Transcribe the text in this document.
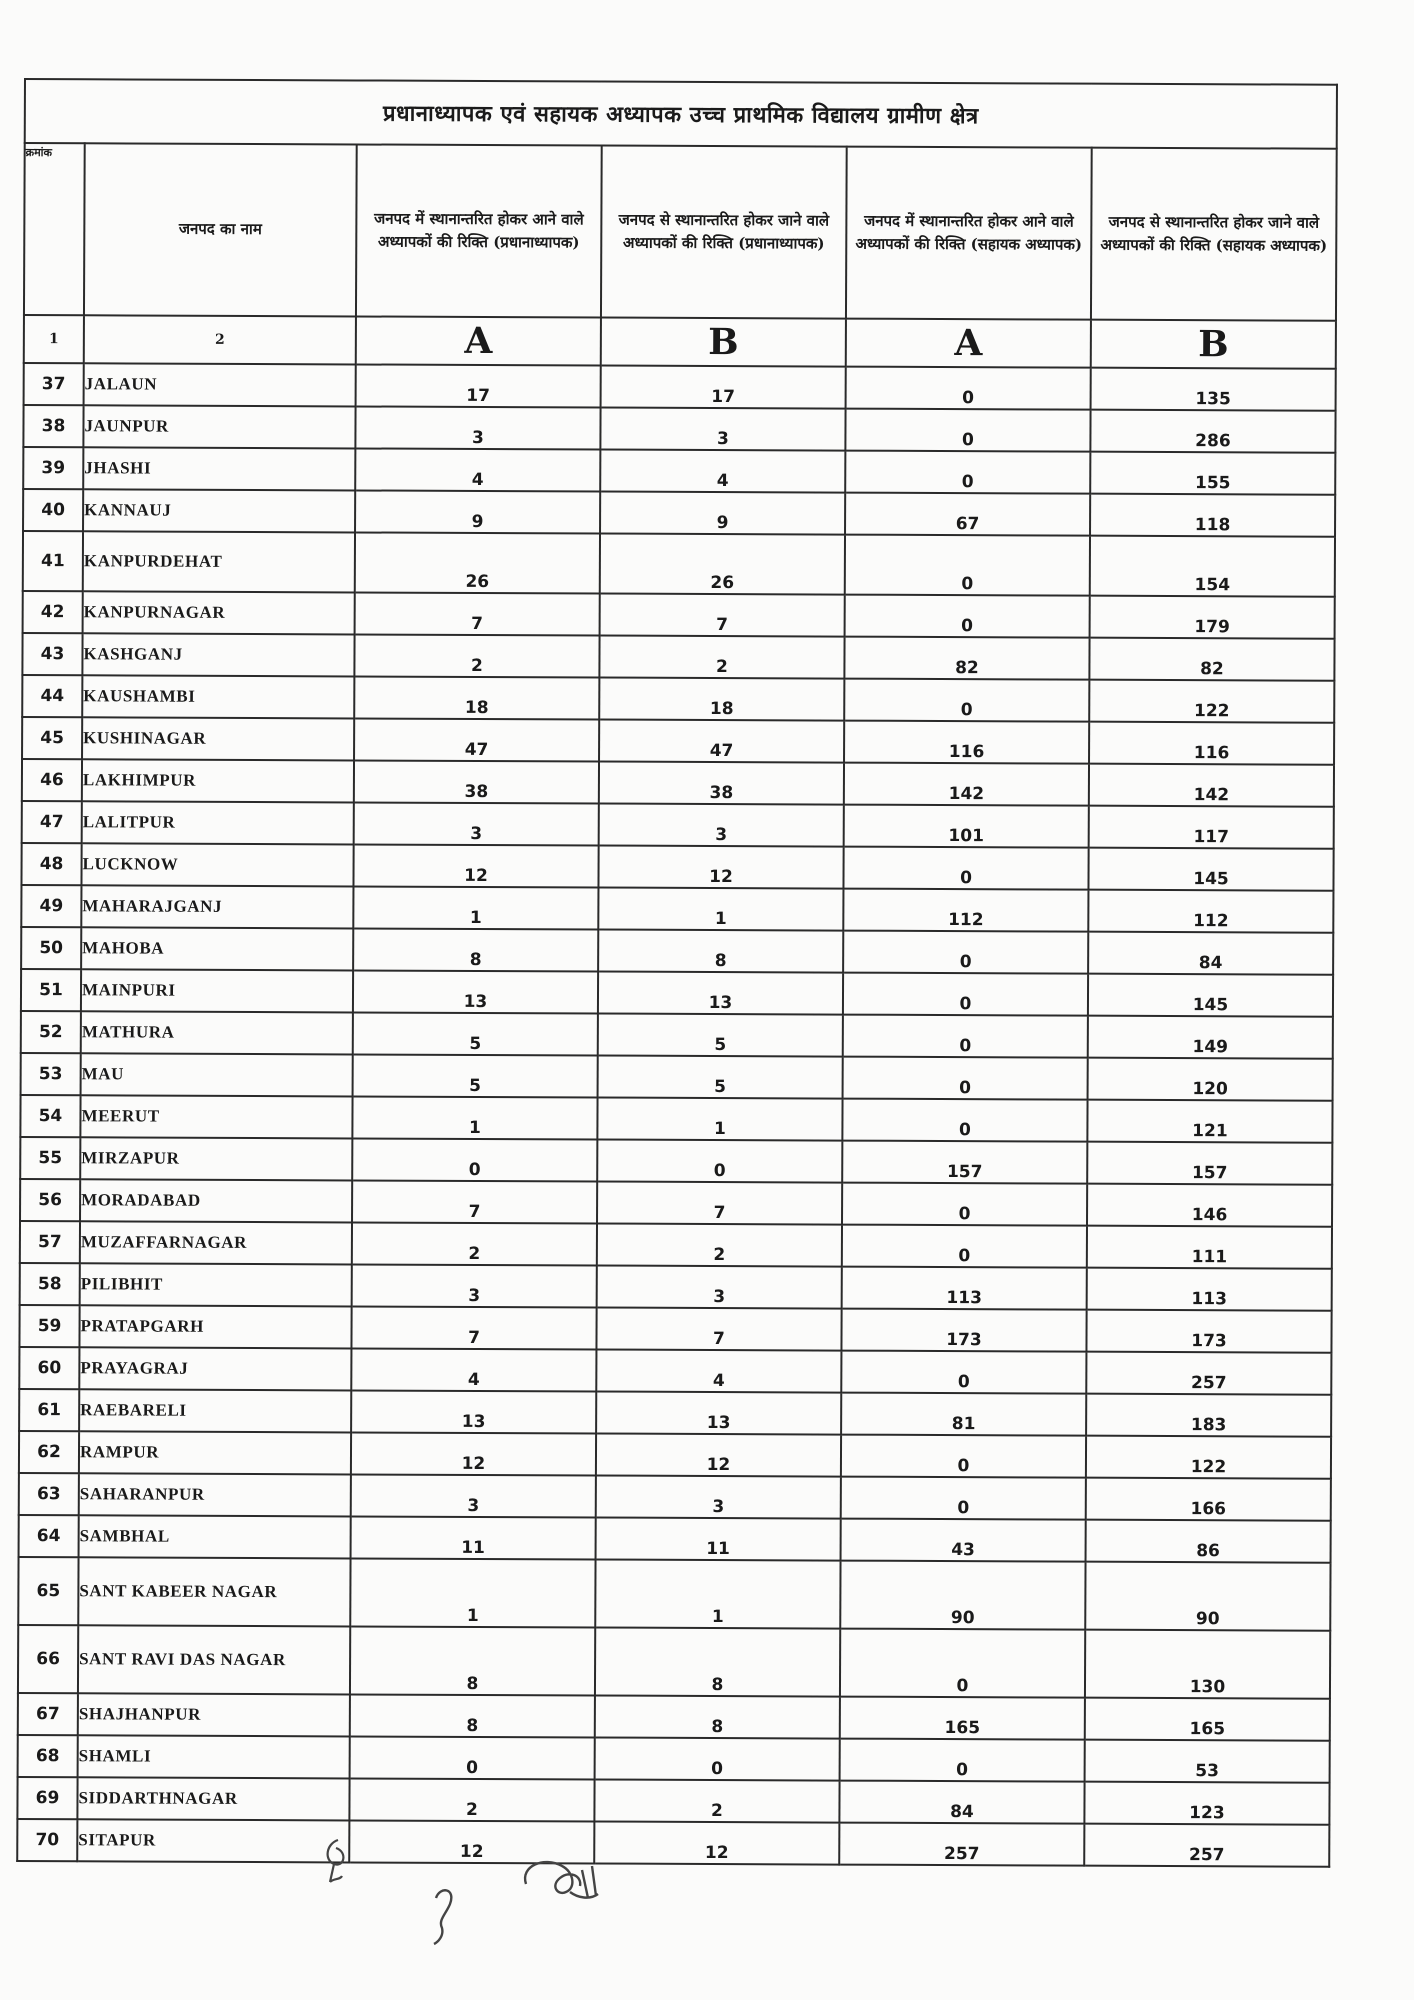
प्रधानाध्यापक एवं सहायक अध्यापक उच्च प्राथमिक विद्यालय ग्रामीण क्षेत्र					
क्रमांक	जनपद का नाम	जनपद में स्थानान्तरित होकर आने वाले अध्यापकों की रिक्ति (प्रधानाध्यापक)	जनपद से स्थानान्तरित होकर जाने वाले अध्यापकों की रिक्ति (प्रधानाध्यापक)	जनपद में स्थानान्तरित होकर आने वाले अध्यापकों की रिक्ति (सहायक अध्यापक)	जनपद से स्थानान्तरित होकर जाने वाले अध्यापकों की रिक्ति (सहायक अध्यापक)
1	2	A	B	A	B
37	JALAUN	17	17	0	135
38	JAUNPUR	3	3	0	286
39	JHASHI	4	4	0	155
40	KANNAUJ	9	9	67	118
41	KANPURDEHAT	26	26	0	154
42	KANPURNAGAR	7	7	0	179
43	KASHGANJ	2	2	82	82
44	KAUSHAMBI	18	18	0	122
45	KUSHINAGAR	47	47	116	116
46	LAKHIMPUR	38	38	142	142
47	LALITPUR	3	3	101	117
48	LUCKNOW	12	12	0	145
49	MAHARAJGANJ	1	1	112	112
50	MAHOBA	8	8	0	84
51	MAINPURI	13	13	0	145
52	MATHURA	5	5	0	149
53	MAU	5	5	0	120
54	MEERUT	1	1	0	121
55	MIRZAPUR	0	0	157	157
56	MORADABAD	7	7	0	146
57	MUZAFFARNAGAR	2	2	0	111
58	PILIBHIT	3	3	113	113
59	PRATAPGARH	7	7	173	173
60	PRAYAGRAJ	4	4	0	257
61	RAEBARELI	13	13	81	183
62	RAMPUR	12	12	0	122
63	SAHARANPUR	3	3	0	166
64	SAMBHAL	11	11	43	86
65	SANT KABEER NAGAR	1	1	90	90
66	SANT RAVI DAS NAGAR	8	8	0	130
67	SHAJHANPUR	8	8	165	165
68	SHAMLI	0	0	0	53
69	SIDDARTHNAGAR	2	2	84	123
70	SITAPUR	12	12	257	257
